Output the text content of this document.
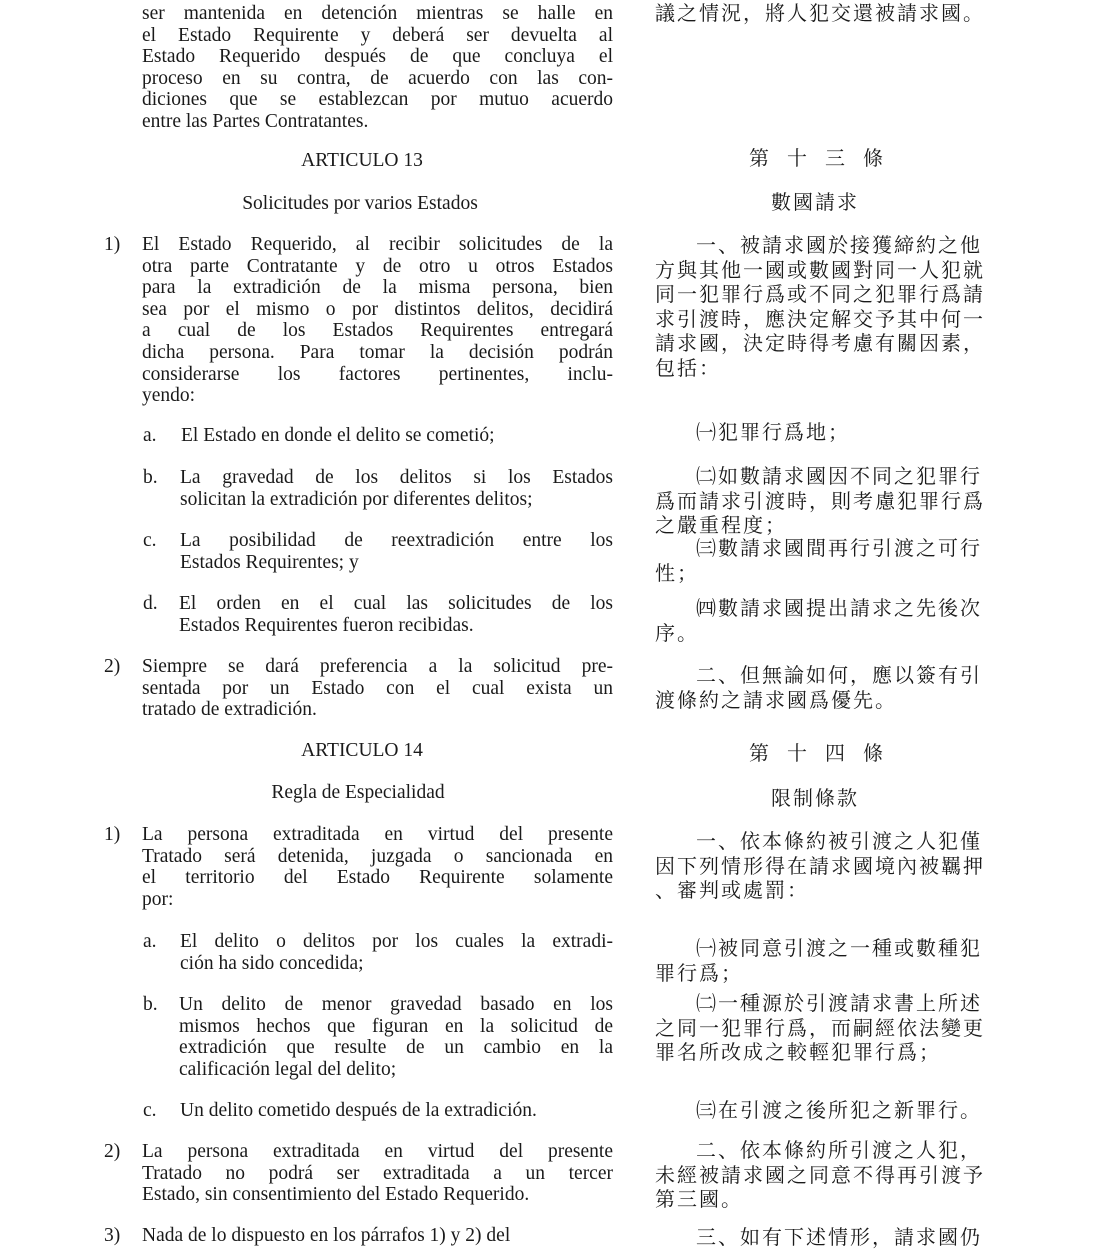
ser mantenida en detención mientras se halle en
el Estado Requirente y deberá ser devuelta al
Estado Requerido después de que concluya el
proceso en su contra, de acuerdo con las con-
diciones que se establezcan por mutuo acuerdo
entre las Partes Contratantes.
ARTICULO 13
Solicitudes por varios Estados
1) El Estado Requerido, al recibir solicitudes de la
otra parte Contratante y de otro u otros Estados
para la extradición de la misma persona, bien
sea por el mismo o por distintos delitos, decidirá
a cual de los Estados Requirentes entregará
dicha persona. Para tomar la decisión podrán
considerarse los factores pertinentes, inclu-
yendo:
a. El Estado en donde el delito se cometió;
b. La gravedad de los delitos si los Estados
solicitan la extradición por diferentes delitos;
c. La posibilidad de reextradición entre los
Estados Requirentes; y
d. El orden en el cual las solicitudes de los
Estados Requirentes fueron recibidas.
2) Siempre se dará preferencia a la solicitud pre-
sentada por un Estado con el cual exista un
tratado de extradición.
ARTICULO 14
Regla de Especialidad
1) La persona extraditada en virtud del presente
Tratado será detenida, juzgada o sancionada en
el territorio del Estado Requirente solamente
por:
a. El delito o delitos por los cuales la extradi-
ción ha sido concedida;
b. Un delito de menor gravedad basado en los
mismos hechos que figuran en la solicitud de
extradición que resulte de un cambio en la
calificación legal del delito;
c. Un delito cometido después de la extradición.
2) La persona extraditada en virtud del presente
Tratado no podrá ser extraditada a un tercer
Estado, sin consentimiento del Estado Requerido.
3) Nada de lo dispuesto en los párrafos 1) y 2) del
議之情況，將人犯交還被請求國。
第十三條
數國請求
一、被請求國於接獲締約之他
方與其他一國或數國對同一人犯就
同一犯罪行爲或不同之犯罪行爲請
求引渡時，應決定解交予其中何一
請求國，決定時得考慮有關因素，
包括：
㈠犯罪行爲地；
㈡如數請求國因不同之犯罪行
爲而請求引渡時，則考慮犯罪行爲
之嚴重程度；
㈢數請求國間再行引渡之可行
性；
㈣數請求國提出請求之先後次
序。
二、但無論如何，應以簽有引
渡條約之請求國爲優先。
第十四條
限制條款
一、依本條約被引渡之人犯僅
因下列情形得在請求國境內被羈押
、審判或處罰：
㈠被同意引渡之一種或數種犯
罪行爲；
㈡一種源於引渡請求書上所述
之同一犯罪行爲，而嗣經依法變更
罪名所改成之較輕犯罪行爲；
㈢在引渡之後所犯之新罪行。
二、依本條約所引渡之人犯，
未經被請求國之同意不得再引渡予
第三國。
三、如有下述情形，請求國仍
